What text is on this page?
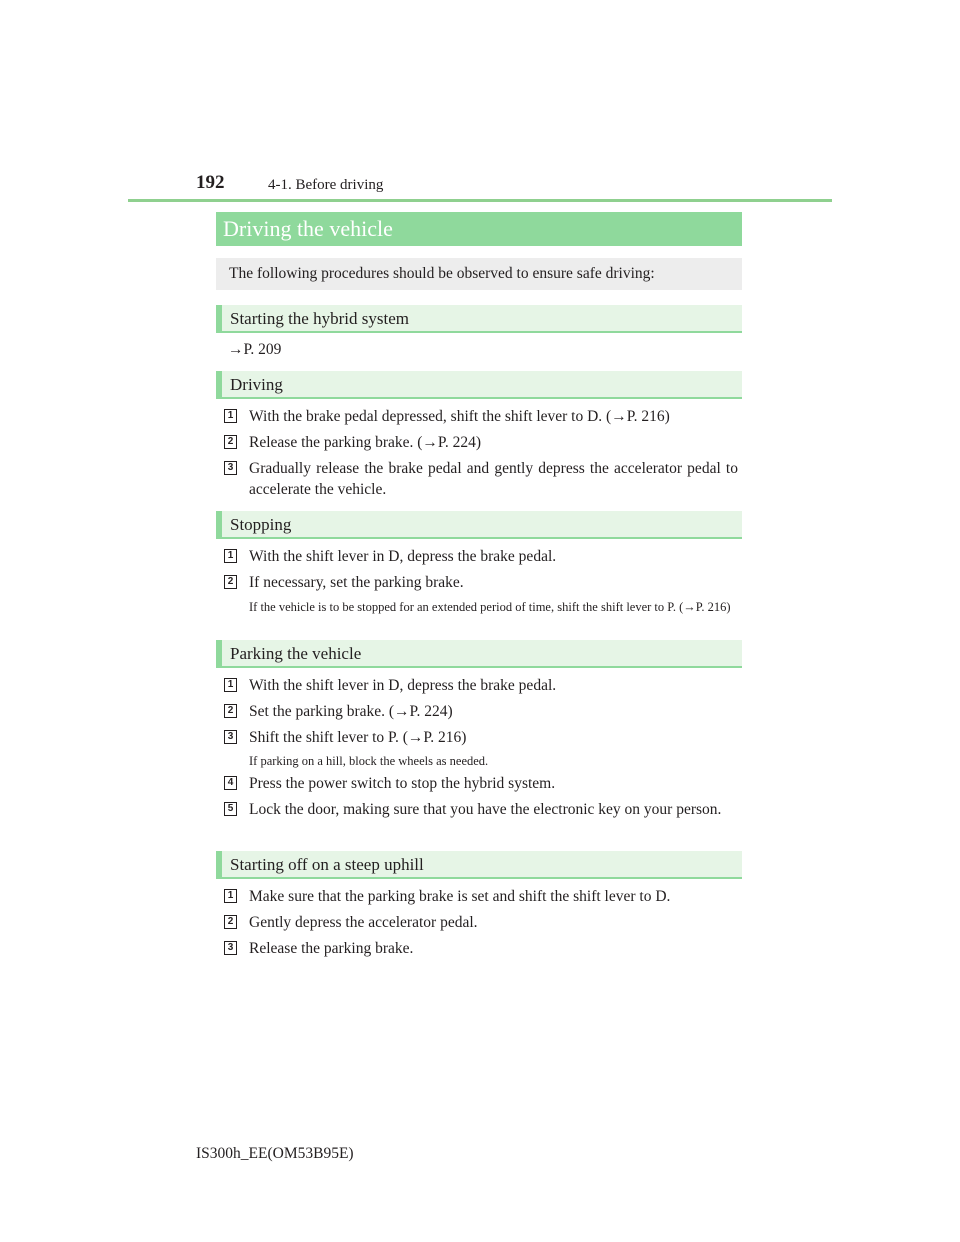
192	4-1. Before driving
Driving the vehicle
The following procedures should be observed to ensure safe driving:
Starting the hybrid system
→P. 209
Driving
1 With the brake pedal depressed, shift the shift lever to D. (→P. 216)
2 Release the parking brake. (→P. 224)
3 Gradually release the brake pedal and gently depress the accelerator pedal to accelerate the vehicle.
Stopping
1 With the shift lever in D, depress the brake pedal.
2 If necessary, set the parking brake.
If the vehicle is to be stopped for an extended period of time, shift the shift lever to P. (→P. 216)
Parking the vehicle
1 With the shift lever in D, depress the brake pedal.
2 Set the parking brake. (→P. 224)
3 Shift the shift lever to P. (→P. 216)
If parking on a hill, block the wheels as needed.
4 Press the power switch to stop the hybrid system.
5 Lock the door, making sure that you have the electronic key on your person.
Starting off on a steep uphill
1 Make sure that the parking brake is set and shift the shift lever to D.
2 Gently depress the accelerator pedal.
3 Release the parking brake.
IS300h_EE(OM53B95E)
